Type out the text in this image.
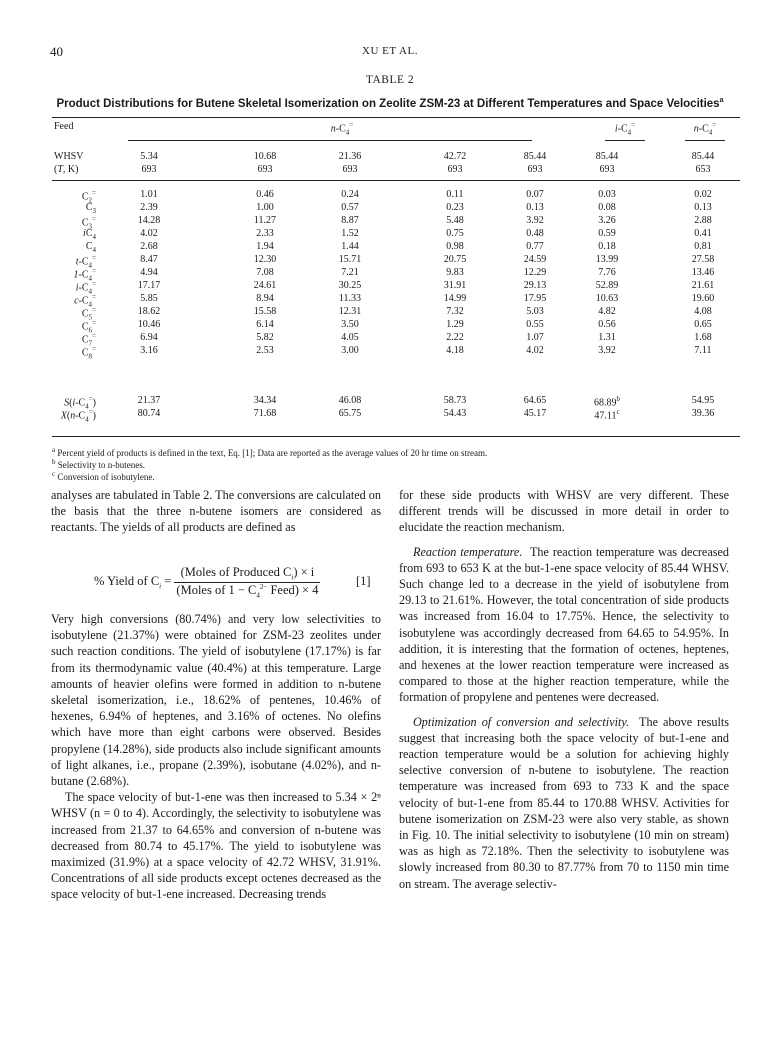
40	XU ET AL.
TABLE 2
Product Distributions for Butene Skeletal Isomerization on Zeolite ZSM-23 at Different Temperatures and Space Velocities$^a$
Feed	$n-C_4^=$	$i-C_4^=$	$n-C_4^=$
WHSV
(T, K)
5.34	10.68	21.36	42.72	85.44	85.44	85.44
693	693	693	693	693	693	653
$C_2^=$	1.01	0.46	0.24	0.11	0.07	0.03	0.02
$C_3$	2.39	1.00	0.57	0.23	0.13	0.08	0.13
$C_3^=$	14.28	11.27	8.87	5.48	3.92	3.26	2.88
$iC_4$	4.02	2.33	1.52	0.75	0.48	0.59	0.41
$C_4$	2.68	1.94	1.44	0.98	0.77	0.18	0.81
$t-C_4^=$	8.47	12.30	15.71	20.75	24.59	13.99	27.58
$1-C_4^=$	4.94	7.08	7.21	9.83	12.29	7.76	13.46
$i-C_4^=$	17.17	24.61	30.25	31.91	29.13	52.89	21.61
$c-C_4^=$	5.85	8.94	11.33	14.99	17.95	10.63	19.60
$C_5^=$	18.62	15.58	12.31	7.32	5.03	4.82	4.08
$C_6^=$	10.46	6.14	3.50	1.29	0.55	0.56	0.65
$C_7^=$	6.94	5.82	4.05	2.22	1.07	1.31	1.68
$C_8^=$	3.16	2.53	3.00	4.18	4.02	3.92	7.11
$S(i-C_4^=)$	21.37	34.34	46.08	58.73	64.65	68.89$^b$	54.95
$X(n-C_4^=)$	80.74	71.68	65.75	54.43	45.17	47.11$^c$	39.36
$^a$ Percent yield of products is defined in the text, Eq. [1]; Data are reported as the average values of 20 hr time on stream.
$^b$ Selectivity to n-butenes.
$^c$ Conversion of isobutylene.

analyses are tabulated in Table 2. The conversions are calculated on the basis that the three n-butene isomers are considered as reactants. The yields of all products are defined as

% Yield of $C_i = \frac{(Moles of Produced C_i) \times i}{(Moles of 1 - C_4^{2-} Feed) \times 4}$	[1]

Very high conversions (80.74%) and very low selectivities to isobutylene (21.37%) were obtained for ZSM-23 zeolites under such reaction conditions. The yield of isobutylene (17.17%) is far from its thermodynamic value (40.4%) at this temperature. Large amounts of heavier olefins were formed in addition to n-butene skeletal isomerization, i.e., 18.62% of pentenes, 10.46% of hexenes, 6.94% of heptenes, and 3.16% of octenes. No olefins which have more than eight carbons were observed. Besides propylene (14.28%), side products also include significant amounts of light alkanes, i.e., propane (2.39%), isobutane (4.02%), and n-butane (2.68%).

The space velocity of but-1-ene was then increased to 5.34 × 2ⁿ WHSV (n = 0 to 4). Accordingly, the selectivity to isobutylene was increased from 21.37 to 64.65% and conversion of n-butene was decreased from 80.74 to 45.17%. The yield to isobutylene was maximized (31.9%) at a space velocity of 42.72 WHSV, 31.91%. Concentrations of all side products except octenes decreased as the space velocity of but-1-ene increased. Decreasing trends

for these side products with WHSV are very different. These different trends will be discussed in more detail in order to elucidate the reaction mechanism.

Reaction temperature. The reaction temperature was decreased from 693 to 653 K at the but-1-ene space velocity of 85.44 WHSV. Such change led to a decrease in the yield of isobutylene from 29.13 to 21.61%. However, the total concentration of side products was increased from 16.04 to 17.75%. Hence, the selectivity to isobutylene was accordingly decreased from 64.65 to 54.95%. In addition, it is interesting that the formation of octenes, heptenes, and hexenes at the lower reaction temperature were increased as compared to those at the higher reaction temperature, while the formation of propylene and pentenes were decreased.

Optimization of conversion and selectivity. The above results suggest that increasing both the space velocity of but-1-ene and reaction temperature would be a solution for achieving highly selective conversion of n-butene to isobutylene. The reaction temperature was increased from 693 to 733 K and the space velocity of but-1-ene from 85.44 to 170.88 WHSV. Activities for butene isomerization on ZSM-23 were also very stable, as shown in Fig. 10. The initial selectivity to isobutylene (10 min on stream) was as high as 72.18%. Then the selectivity to isobutylene was slowly increased from 80.30 to 87.77% from 70 to 1150 min time on stream. The average selectiv-
